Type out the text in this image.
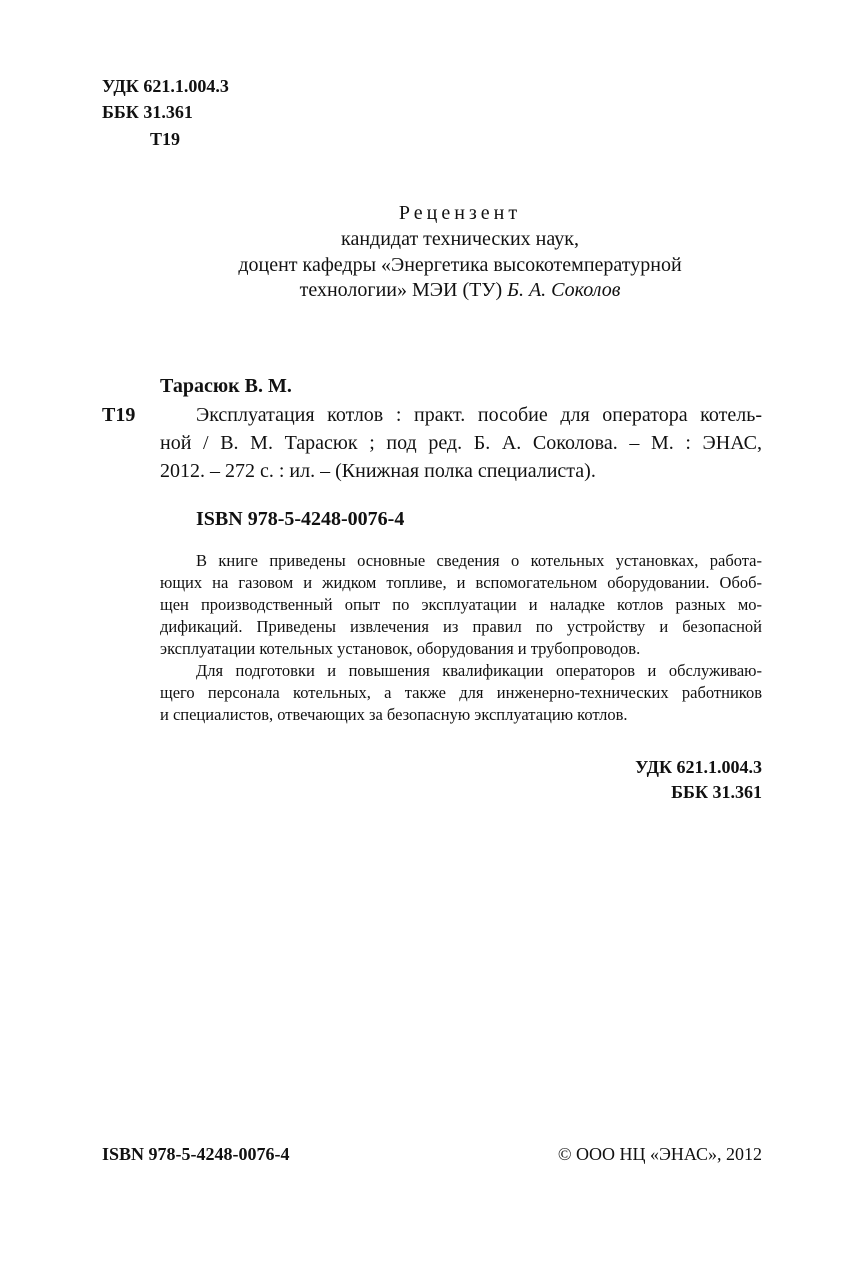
УДК 621.1.004.3
ББК 31.361
Т19
Рецензент
кандидат технических наук,
доцент кафедры «Энергетика высокотемпературной
технологии» МЭИ (ТУ) Б. А. Соколов
Тарасюк В. М.
Т19	Эксплуатация котлов : практ. пособие для оператора котель-
ной / В. М. Тарасюк ; под ред. Б. А. Соколова. – М. : ЭНАС,
2012. – 272 с. : ил. – (Книжная полка специалиста).
ISBN 978-5-4248-0076-4
В книге приведены основные сведения о котельных установках, работа-
ющих на газовом и жидком топливе, и вспомогательном оборудовании. Обоб-
щен производственный опыт по эксплуатации и наладке котлов разных мо-
дификаций. Приведены извлечения из правил по устройству и безопасной
эксплуатации котельных установок, оборудования и трубопроводов.
Для подготовки и повышения квалификации операторов и обслуживаю-
щего персонала котельных, а также для инженерно-технических работников
и специалистов, отвечающих за безопасную эксплуатацию котлов.
УДК 621.1.004.3
ББК 31.361
ISBN 978-5-4248-0076-4	© ООО НЦ «ЭНАС», 2012
